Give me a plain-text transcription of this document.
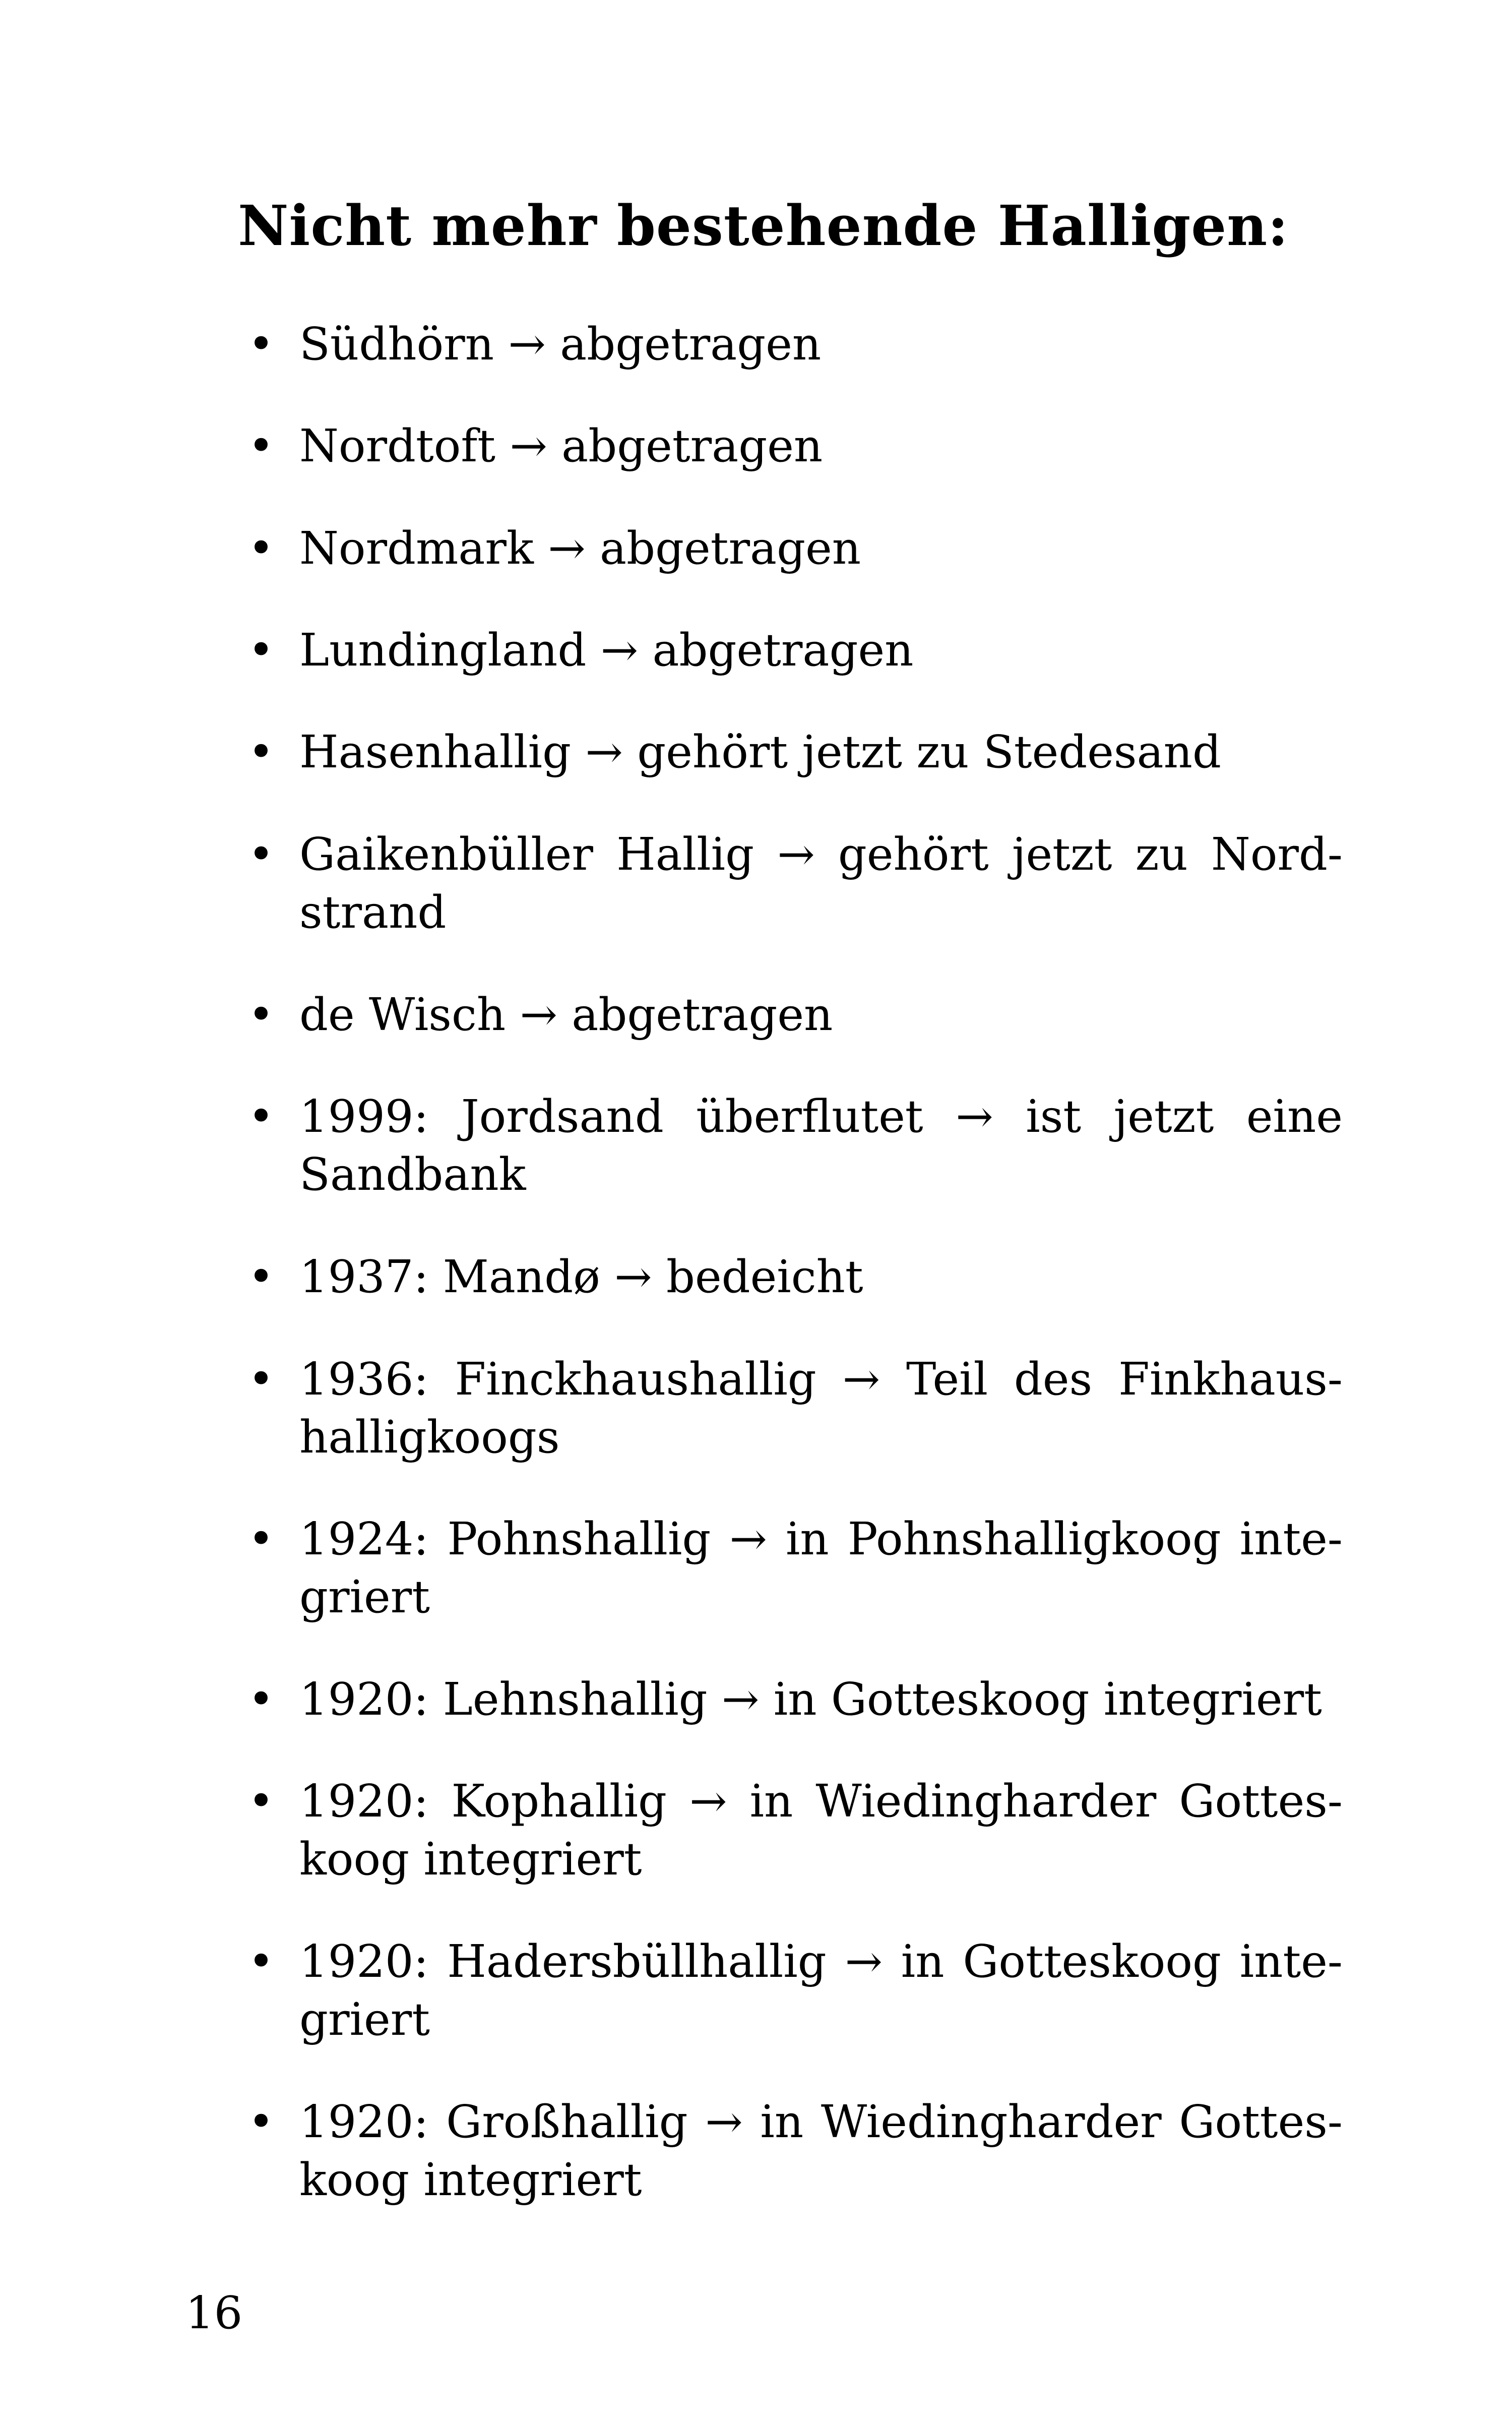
Nicht mehr bestehende Halligen:
• Südhörn → abgetragen
• Nordtoft → abgetragen
• Nordmark → abgetragen
• Lundingland → abgetragen
• Hasenhallig → gehört jetzt zu Stedesand
• Gaikenbüller Hallig → gehört jetzt zu Nordstrand
• de Wisch → abgetragen
• 1999: Jordsand überflutet → ist jetzt eine Sandbank
• 1937: Mandø → bedeicht
• 1936: Finckhaushallig → Teil des Finkhaushalligkoogs
• 1924: Pohnshallig → in Pohnshalligkoog integriert
• 1920: Lehnshallig → in Gotteskoog integriert
• 1920: Kophallig → in Wiedingharder Gotteskoog integriert
• 1920: Hadersbüllhallig → in Gotteskoog integriert
• 1920: Großhallig → in Wiedingharder Gotteskoog integriert
16
